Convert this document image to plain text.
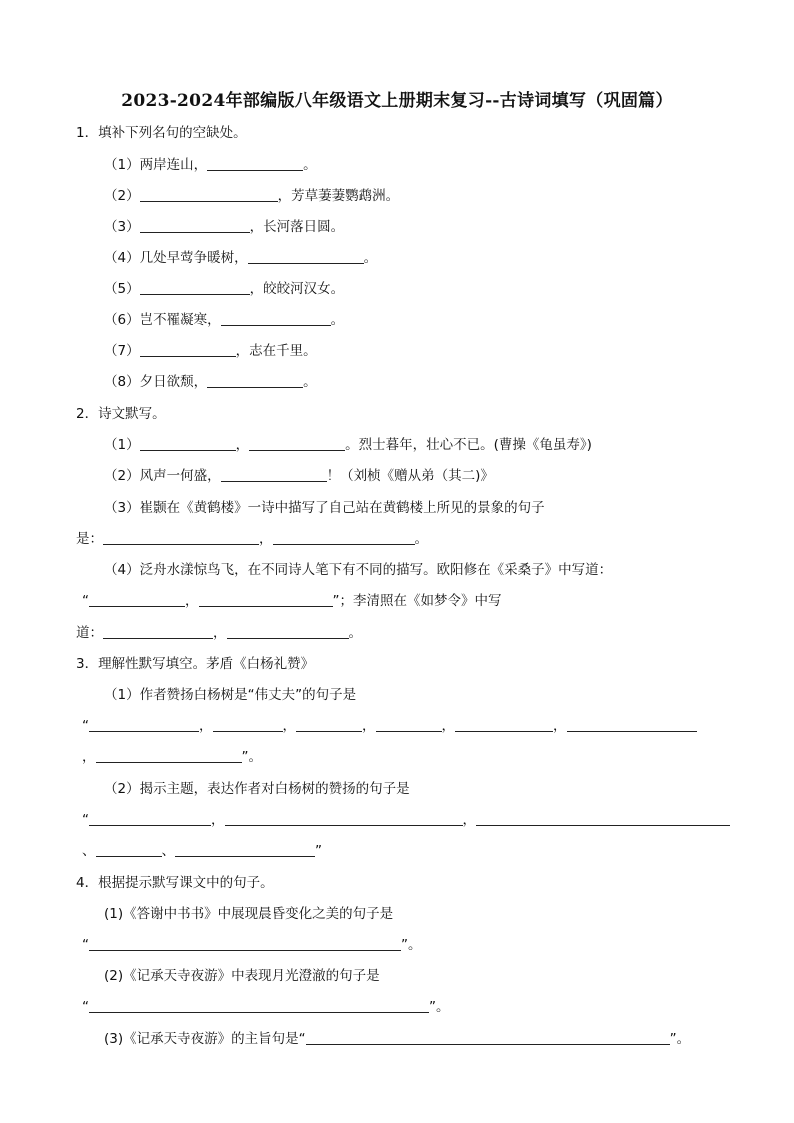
2023-2024年部编版八年级语文上册期末复习--古诗词填写（巩固篇）
1．填补下列名句的空缺处。
（1）两岸连山，	。
（2）	，芳草萋萋鹦鹉洲。
（3）	，长河落日圆。
（4）几处早莺争暖树，	。
（5）	，皎皎河汉女。
（6）岂不罹凝寒，	。
（7）	，志在千里。
（8）夕日欲颓，	。
2．诗文默写。
（1）	，	。烈士暮年，壮心不已。(曹操《龟虽寿》)
（2）风声一何盛，	！（刘桢《赠从弟（其二)》
（3）崔颢在《黄鹤楼》一诗中描写了自己站在黄鹤楼上所见的景象的句子
是：	，	。
（4）泛舟水漾惊鸟飞，在不同诗人笔下有不同的描写。欧阳修在《采桑子》中写道：
“	，	”；李清照在《如梦令》中写
道：	，	。
3．理解性默写填空。茅盾《白杨礼赞》
（1）作者赞扬白杨树是“伟丈夫”的句子是
“	，	，	，	，	，
，	”。
（2）揭示主题，表达作者对白杨树的赞扬的句子是
“	，	，
、	、	”
4．根据提示默写课文中的句子。
(1)《答谢中书书》中展现晨昏变化之美的句子是
“	”。
(2)《记承天寺夜游》中表现月光澄澈的句子是
“	”。
(3)《记承天寺夜游》的主旨句是“	”。
